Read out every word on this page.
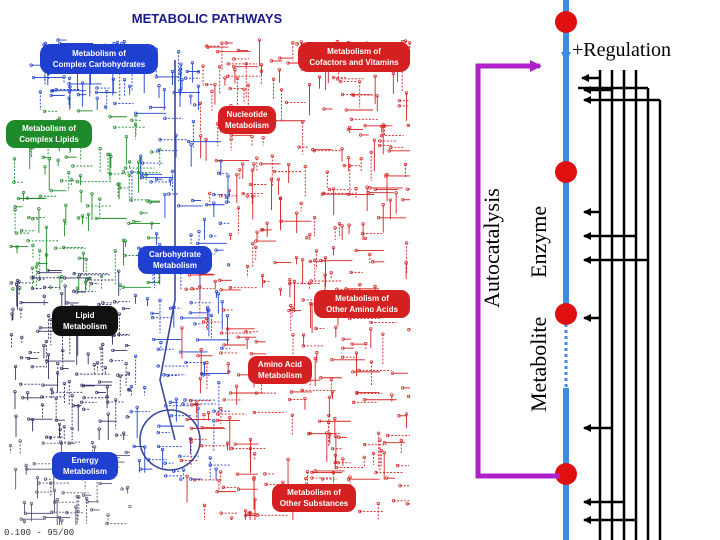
METABOLIC PATHWAYS
Metabolism of
Complex Carbohydrates
Metabolism of
Cofactors and Vitamins
Nucleotide
Metabolism
Metabolism of
Complex Lipids
Carbohydrate
Metabolism
Lipid
Metabolism
Metabolism of
Other Amino Acids
Amino Acid
Metabolism
Energy
Metabolism
Metabolism of
Other Substances
0.100 - 95/00
Autocatalysis
Metabolite
Enzyme
+Regulation
